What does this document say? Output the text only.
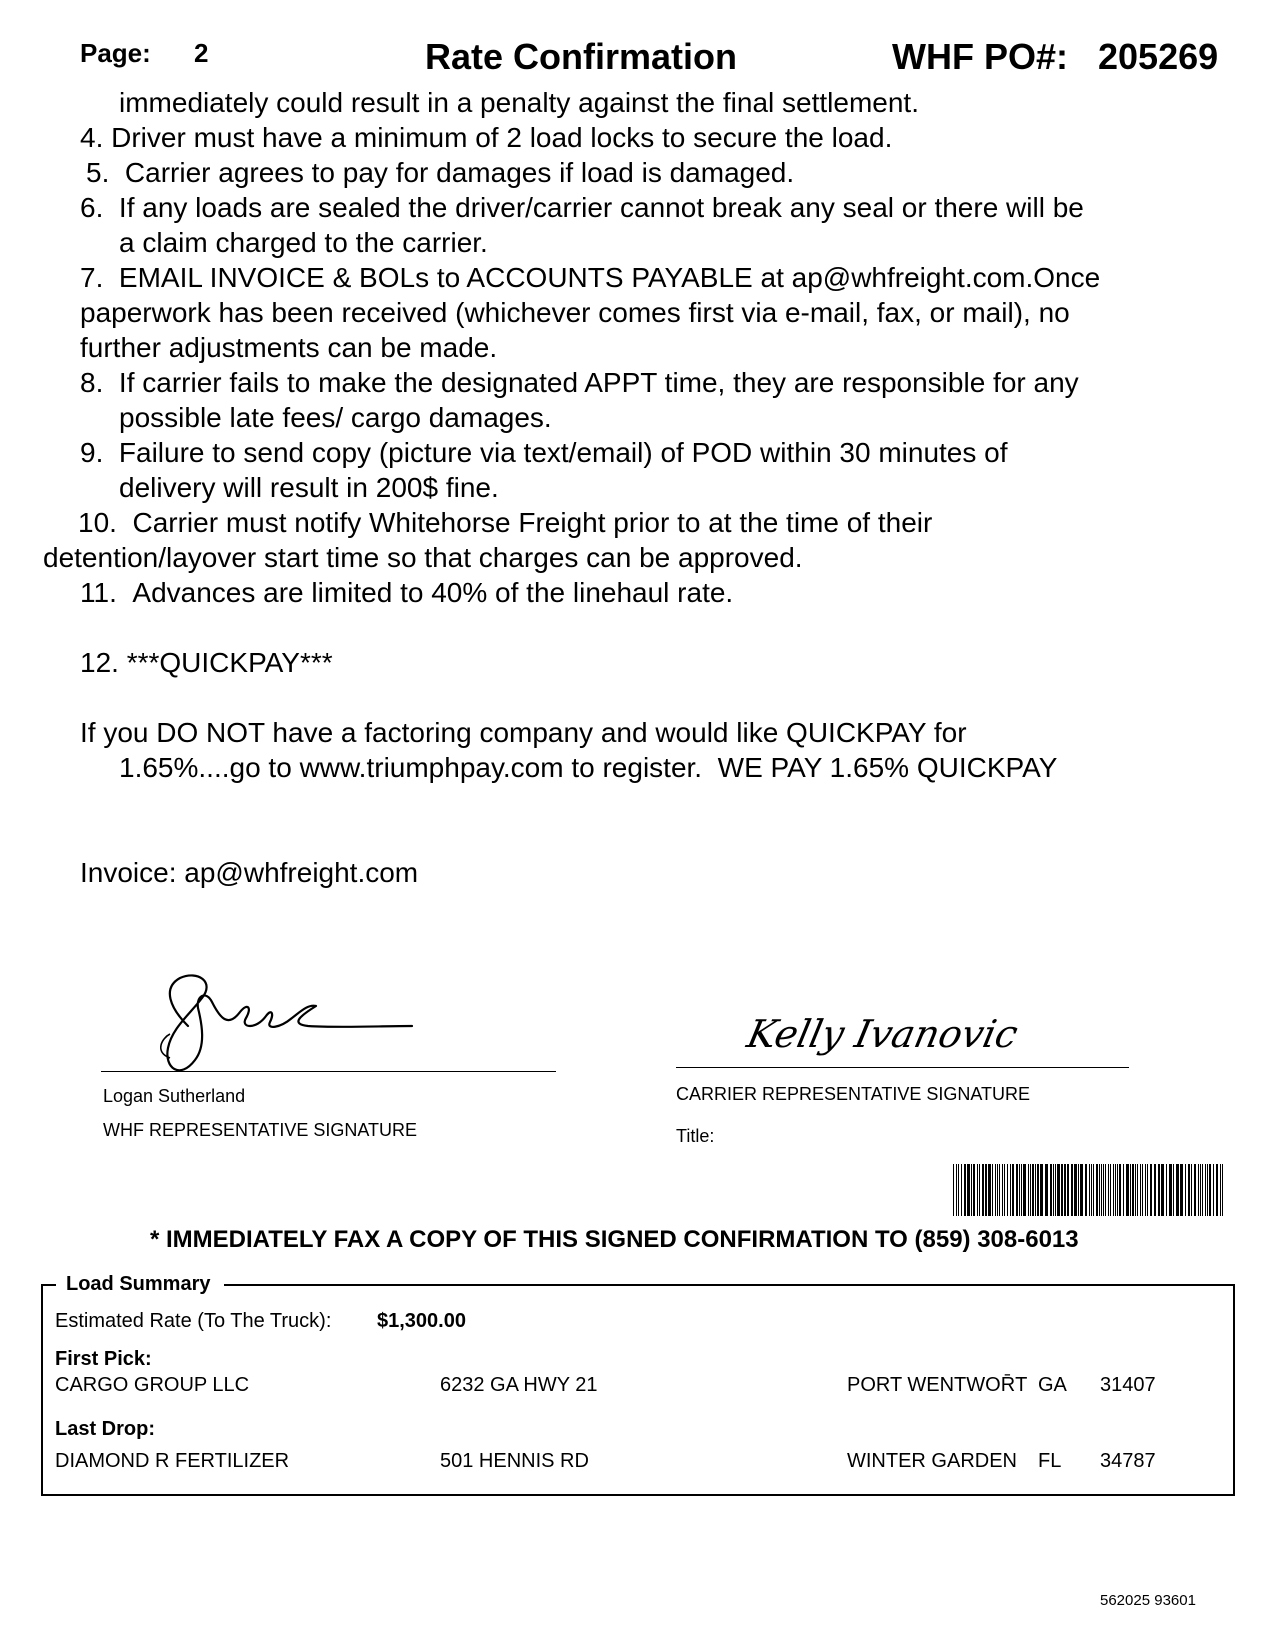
Page: 2	Rate Confirmation	WHF PO#: 205269
immediately could result in a penalty against the final settlement.
4. Driver must have a minimum of 2 load locks to secure the load.
5.  Carrier agrees to pay for damages if load is damaged.
6.  If any loads are sealed the driver/carrier cannot break any seal or there will be
a claim charged to the carrier.
7.  EMAIL INVOICE & BOLs to ACCOUNTS PAYABLE at ap@whfreight.com.Once
paperwork has been received (whichever comes first via e-mail, fax, or mail), no
further adjustments can be made.
8.  If carrier fails to make the designated APPT time, they are responsible for any
possible late fees/ cargo damages.
9.  Failure to send copy (picture via text/email) of POD within 30 minutes of
delivery will result in 200$ fine.
10.  Carrier must notify Whitehorse Freight prior to at the time of their
detention/layover start time so that charges can be approved.
11.  Advances are limited to 40% of the linehaul rate.
12. ***QUICKPAY***
If you DO NOT have a factoring company and would like QUICKPAY for
1.65%....go to www.triumphpay.com to register.  WE PAY 1.65% QUICKPAY
Invoice: ap@whfreight.com
Logan Sutherland
WHF REPRESENTATIVE SIGNATURE
Kelly Ivanovic
CARRIER REPRESENTATIVE SIGNATURE
Title:
* IMMEDIATELY FAX A COPY OF THIS SIGNED CONFIRMATION TO (859) 308-6013
Load Summary
Estimated Rate (To The Truck): $1,300.00
First Pick:
CARGO GROUP LLC	6232 GA HWY 21	PORT WENTWOR̄T GA 31407
Last Drop:
DIAMOND R FERTILIZER	501 HENNIS RD	WINTER GARDEN	FL 34787
562025 93601
